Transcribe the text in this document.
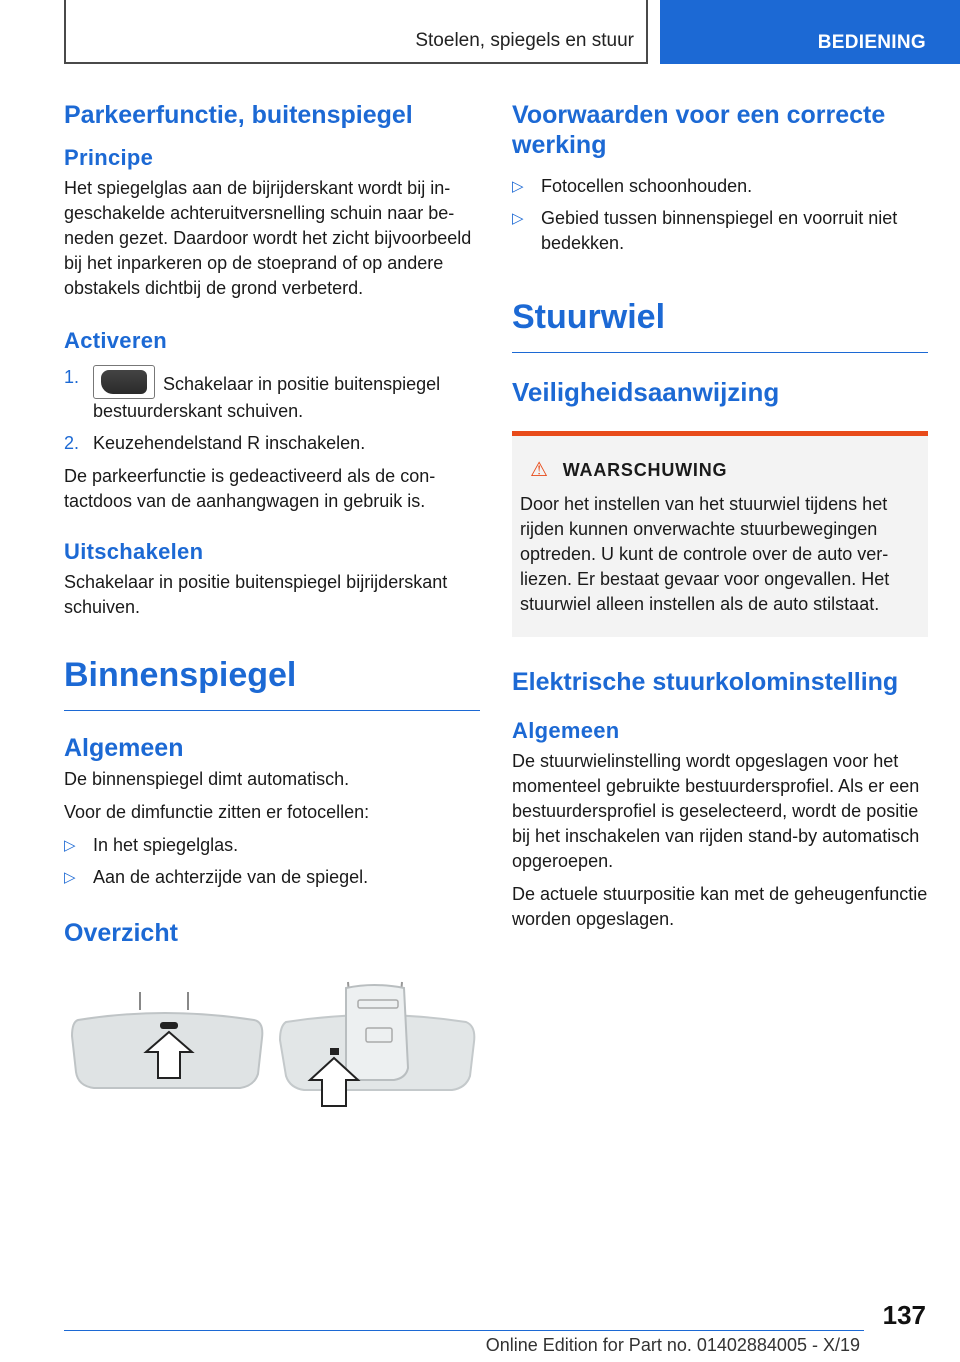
Stoelen, spiegels en stuur	BEDIENING
Parkeerfunctie, buitenspiegel
Principe

Het spiegelglas aan de bijrijderskant wordt bij ingeschakelde achteruitversnelling schuin naar beneden gezet. Daardoor wordt het zicht bijvoorbeeld bij het inparkeren op de stoeprand of op andere obstakels dichtbij de grond verbeterd.

Activeren
1.	Schakelaar in positie buitenspiegel bestuurderskant schuiven.
2. Keuzehendelstand R inschakelen.

De parkeerfunctie is gedeactiveerd als de contactdoos van de aanhangwagen in gebruik is.

Uitschakelen

Schakelaar in positie buitenspiegel bijrijderskant schuiven.

Binnenspiegel
Algemeen

De binnenspiegel dimt automatisch.

Voor de dimfunctie zitten er fotocellen:

▷ In het spiegelglas.
▷ Aan de achterzijde van de spiegel.
Overzicht
Voorwaarden voor een correcte werking
▷ Fotocellen schoonhouden.
▷ Gebied tussen binnenspiegel en voorruit niet bedekken.
Stuurwiel
Veiligheidsaanwijzing
⚠ WAARSCHUWING

Door het instellen van het stuurwiel tijdens het rijden kunnen onverwachte stuurbewegingen optreden. U kunt de controle over de auto verliezen. Er bestaat gevaar voor ongevallen. Het stuurwiel alleen instellen als de auto stilstaat.

Elektrische stuurkolominstelling
Algemeen

De stuurwielinstelling wordt opgeslagen voor het momenteel gebruikte bestuurdersprofiel. Als er een bestuurdersprofiel is geselecteerd, wordt de positie bij het inschakelen van rijden stand-by automatisch opgeroepen.

De actuele stuurpositie kan met de geheugenfunctie worden opgeslagen.

137
Online Edition for Part no. 01402884005 - X/19
